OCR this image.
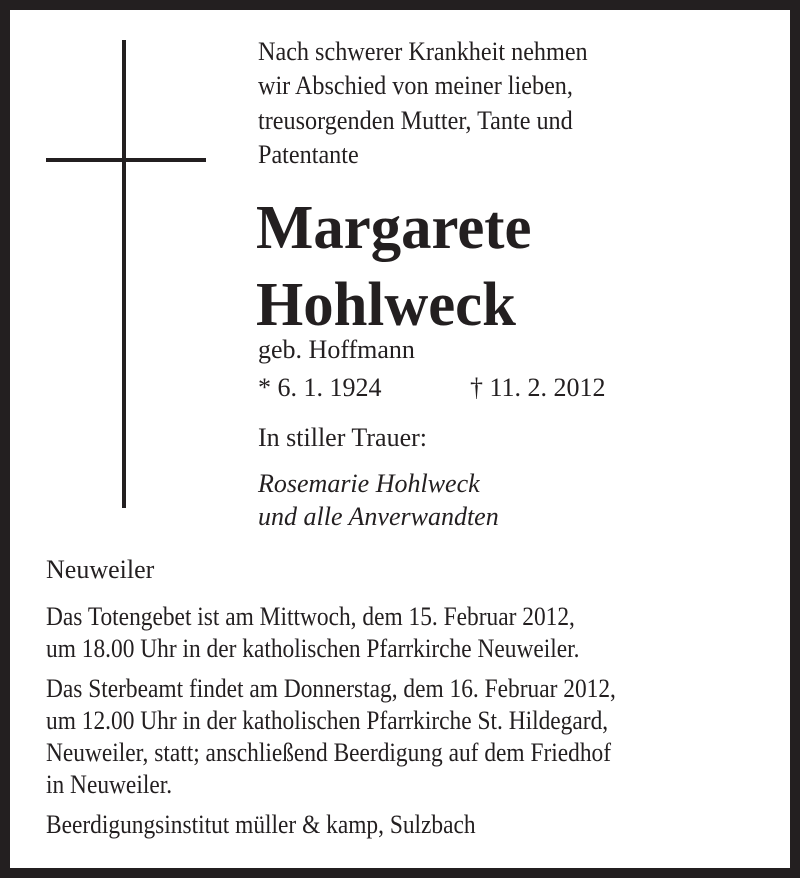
Nach schwerer Krankheit nehmen
wir Abschied von meiner lieben,
treusorgenden Mutter, Tante und
Patentante
Margarete
Hohlweck
geb. Hoffmann
* 6. 1. 1924	† 11. 2. 2012
In stiller Trauer:
Rosemarie Hohlweck
und alle Anverwandten
Neuweiler
Das Totengebet ist am Mittwoch, dem 15. Februar 2012,
um 18.00 Uhr in der katholischen Pfarrkirche Neuweiler.
Das Sterbeamt findet am Donnerstag, dem 16. Februar 2012,
um 12.00 Uhr in der katholischen Pfarrkirche St. Hildegard,
Neuweiler, statt; anschließend Beerdigung auf dem Friedhof
in Neuweiler.
Beerdigungsinstitut müller & kamp, Sulzbach
